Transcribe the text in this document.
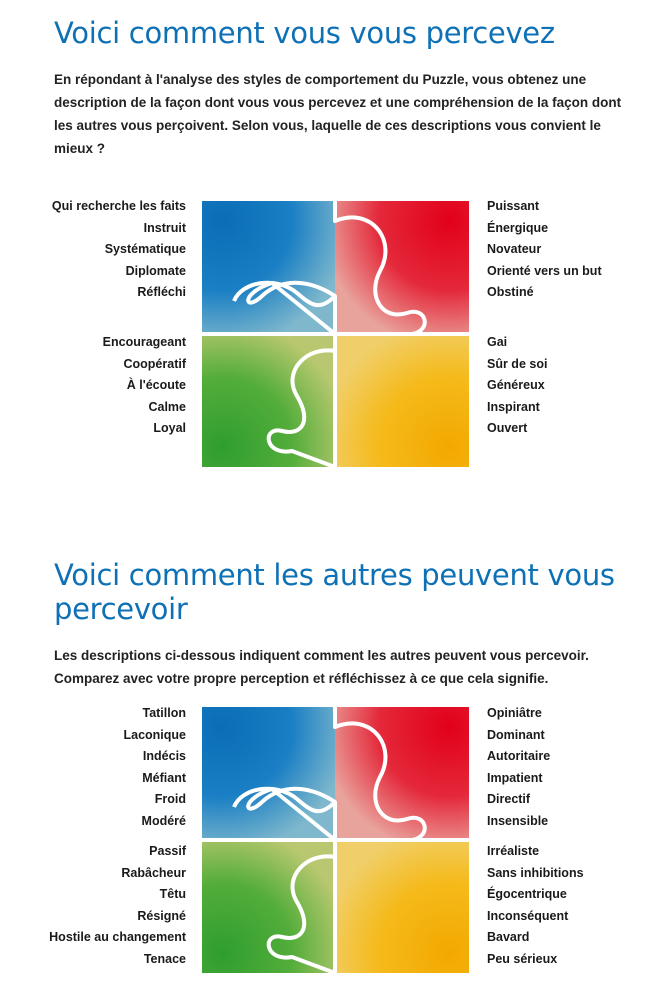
Voici comment vous vous percevez

En répondant à l'analyse des styles de comportement du Puzzle, vous obtenez une description de la façon dont vous vous percevez et une compréhension de la façon dont les autres vous perçoivent. Selon vous, laquelle de ces descriptions vous convient le mieux ?

Qui recherche les faits
Instruit
Systématique
Diplomate
Réfléchi
Puissant
Énergique
Novateur
Orienté vers un but
Obstiné
Encourageant
Coopératif
À l'écoute
Calme
Loyal
Gai
Sûr de soi
Généreux
Inspirant
Ouvert
Voici comment les autres peuvent vous percevoir

Les descriptions ci-dessous indiquent comment les autres peuvent vous percevoir. Comparez avec votre propre perception et réfléchissez à ce que cela signifie.

Tatillon
Laconique
Indécis
Méfiant
Froid
Modéré
Opiniâtre
Dominant
Autoritaire
Impatient
Directif
Insensible
Passif
Rabâcheur
Têtu
Résigné
Hostile au changement
Tenace
Irréaliste
Sans inhibitions
Égocentrique
Inconséquent
Bavard
Peu sérieux
